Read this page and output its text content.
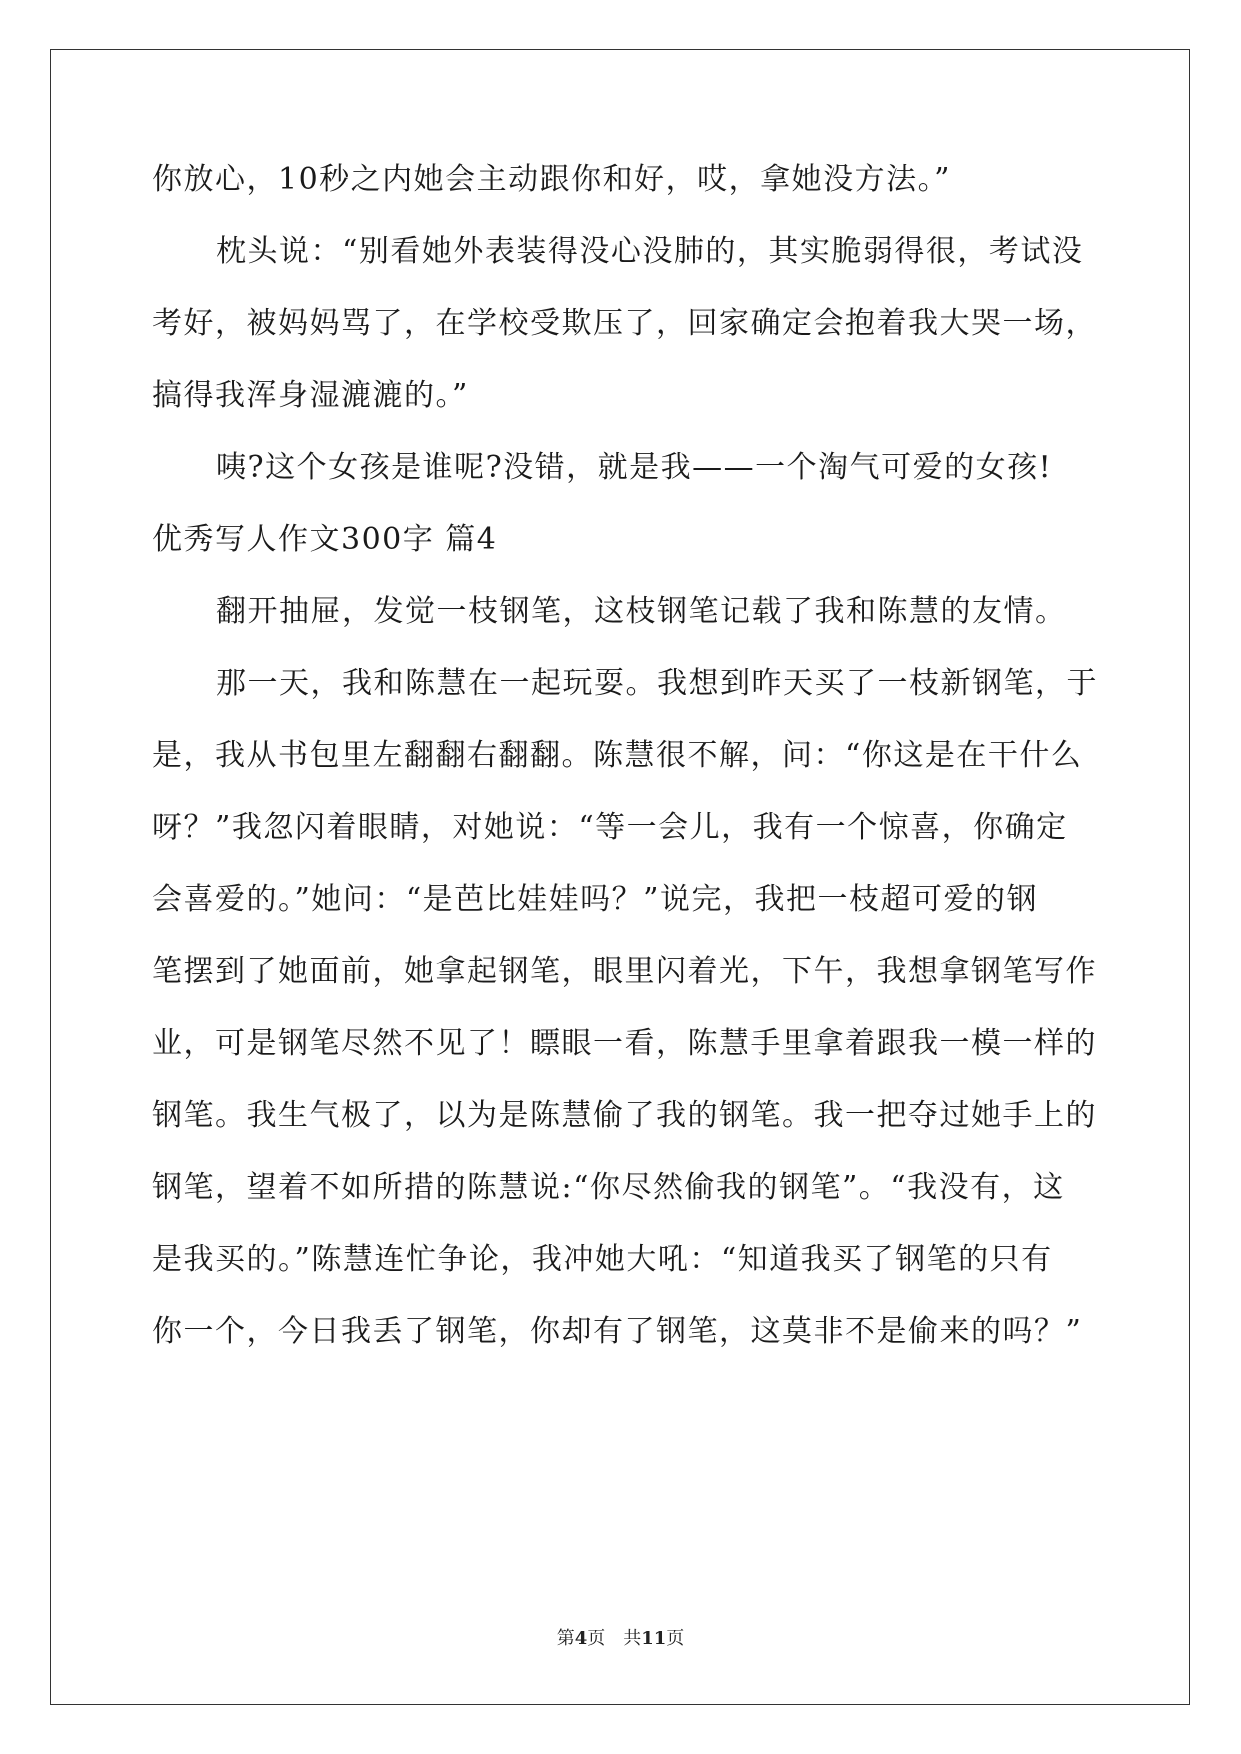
你放心，10秒之内她会主动跟你和好，哎，拿她没方法。”
枕头说：“别看她外表装得没心没肺的，其实脆弱得很，考试没
考好，被妈妈骂了，在学校受欺压了，回家确定会抱着我大哭一场，
搞得我浑身湿漉漉的。”
咦?这个女孩是谁呢?没错，就是我——一个淘气可爱的女孩!
优秀写人作文300字 篇4
翻开抽屉，发觉一枝钢笔，这枝钢笔记载了我和陈慧的友情。
那一天，我和陈慧在一起玩耍。我想到昨天买了一枝新钢笔，于
是，我从书包里左翻翻右翻翻。陈慧很不解，问：“你这是在干什么
呀？”我忽闪着眼睛，对她说：“等一会儿，我有一个惊喜，你确定
会喜爱的。”她问：“是芭比娃娃吗？”说完，我把一枝超可爱的钢
笔摆到了她面前，她拿起钢笔，眼里闪着光，下午，我想拿钢笔写作
业，可是钢笔尽然不见了！瞟眼一看，陈慧手里拿着跟我一模一样的
钢笔。我生气极了，以为是陈慧偷了我的钢笔。我一把夺过她手上的
钢笔，望着不如所措的陈慧说:“你尽然偷我的钢笔”。“我没有，这
是我买的。”陈慧连忙争论，我冲她大吼：“知道我买了钢笔的只有
你一个，今日我丢了钢笔，你却有了钢笔，这莫非不是偷来的吗？”
第4页 共11页
